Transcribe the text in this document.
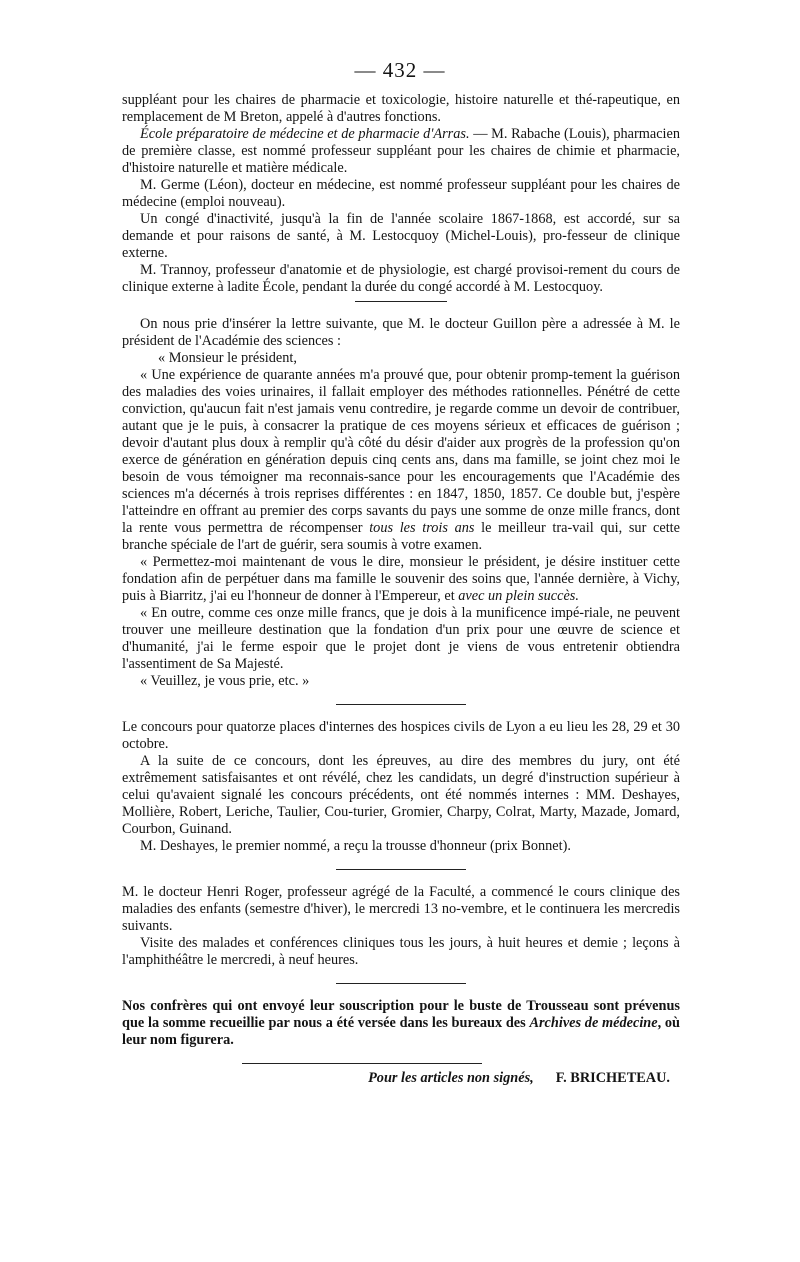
— 432 —

suppléant pour les chaires de pharmacie et toxicologie, histoire naturelle et thé-rapeutique, en remplacement de M Breton, appelé à d'autres fonctions.

École préparatoire de médecine et de pharmacie d'Arras. — M. Rabache (Louis), pharmacien de première classe, est nommé professeur suppléant pour les chaires de chimie et pharmacie, d'histoire naturelle et matière médicale.

M. Germe (Léon), docteur en médecine, est nommé professeur suppléant pour les chaires de médecine (emploi nouveau).

Un congé d'inactivité, jusqu'à la fin de l'année scolaire 1867-1868, est accordé, sur sa demande et pour raisons de santé, à M. Lestocquoy (Michel-Louis), pro-fesseur de clinique externe.

M. Trannoy, professeur d'anatomie et de physiologie, est chargé provisoi-rement du cours de clinique externe à ladite École, pendant la durée du congé accordé à M. Lestocquoy.

On nous prie d'insérer la lettre suivante, que M. le docteur Guillon père a adressée à M. le président de l'Académie des sciences :

« Monsieur le président,

« Une expérience de quarante années m'a prouvé que, pour obtenir promp-tement la guérison des maladies des voies urinaires, il fallait employer des méthodes rationnelles. Pénétré de cette conviction, qu'aucun fait n'est jamais venu contredire, je regarde comme un devoir de contribuer, autant que je le puis, à consacrer la pratique de ces moyens sérieux et efficaces de guérison ; devoir d'autant plus doux à remplir qu'à côté du désir d'aider aux progrès de la profession qu'on exerce de génération en génération depuis cinq cents ans, dans ma famille, se joint chez moi le besoin de vous témoigner ma reconnais-sance pour les encouragements que l'Académie des sciences m'a décernés à trois reprises différentes : en 1847, 1850, 1857. Ce double but, j'espère l'atteindre en offrant au premier des corps savants du pays une somme de onze mille francs, dont la rente vous permettra de récompenser tous les trois ans le meilleur tra-vail qui, sur cette branche spéciale de l'art de guérir, sera soumis à votre examen.

« Permettez-moi maintenant de vous le dire, monsieur le président, je désire instituer cette fondation afin de perpétuer dans ma famille le souvenir des soins que, l'année dernière, à Vichy, puis à Biarritz, j'ai eu l'honneur de donner à l'Empereur, et avec un plein succès.

« En outre, comme ces onze mille francs, que je dois à la munificence impé-riale, ne peuvent trouver une meilleure destination que la fondation d'un prix pour une œuvre de science et d'humanité, j'ai le ferme espoir que le projet dont je viens de vous entretenir obtiendra l'assentiment de Sa Majesté.

« Veuillez, je vous prie, etc. »

Le concours pour quatorze places d'internes des hospices civils de Lyon a eu lieu les 28, 29 et 30 octobre.

A la suite de ce concours, dont les épreuves, au dire des membres du jury, ont été extrêmement satisfaisantes et ont révélé, chez les candidats, un degré d'instruction supérieur à celui qu'avaient signalé les concours précédents, ont été nommés internes : MM. Deshayes, Mollière, Robert, Leriche, Taulier, Cou-turier, Gromier, Charpy, Colrat, Marty, Mazade, Jomard, Courbon, Guinand.

M. Deshayes, le premier nommé, a reçu la trousse d'honneur (prix Bonnet).

M. le docteur Henri Roger, professeur agrégé de la Faculté, a commencé le cours clinique des maladies des enfants (semestre d'hiver), le mercredi 13 no-vembre, et le continuera les mercredis suivants.

Visite des malades et conférences cliniques tous les jours, à huit heures et demie ; leçons à l'amphithéâtre le mercredi, à neuf heures.

Nos confrères qui ont envoyé leur souscription pour le buste de Trousseau sont prévenus que la somme recueillie par nous a été versée dans les bureaux des Archives de médecine, où leur nom figurera.

Pour les articles non signés, F. BRICHETEAU.
